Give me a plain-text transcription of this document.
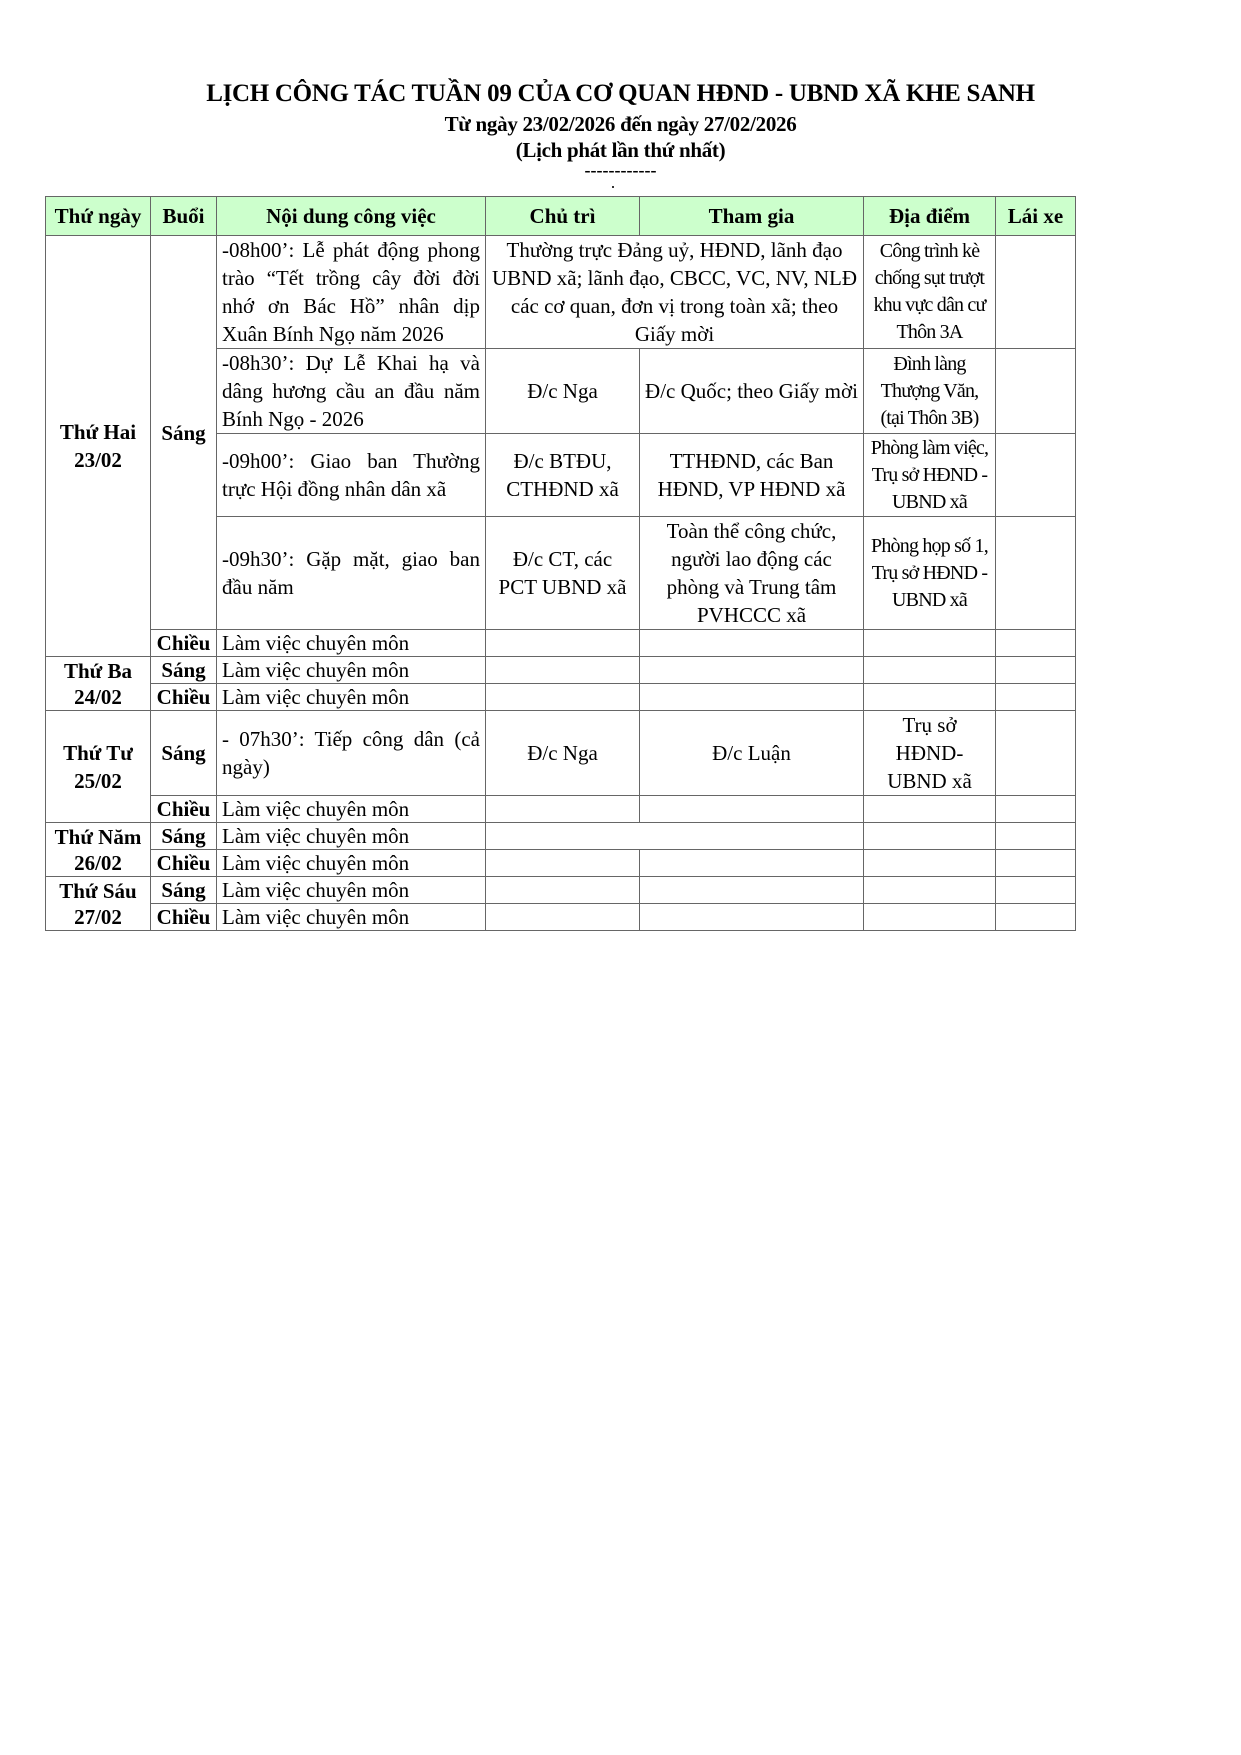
LỊCH CÔNG TÁC TUẦN 09 CỦA CƠ QUAN HĐND - UBND XÃ KHE SANH
Từ ngày 23/02/2026 đến ngày 27/02/2026
(Lịch phát lần thứ nhất)
------------
Thứ ngày	Buổi	Nội dung công việc	Chủ trì	Tham gia	Địa điểm	Lái xe

Thứ Hai
23/02	Sáng	-08h00’: Lễ phát động phong trào “Tết trồng cây đời đời nhớ ơn Bác Hồ” nhân dịp Xuân Bính Ngọ năm 2026	Thường trực Đảng uỷ, HĐND, lãnh đạo UBND xã; lãnh đạo, CBCC, VC, NV, NLĐ các cơ quan, đơn vị trong toàn xã; theo Giấy mời		Công trình kè chống sụt trượt khu vực dân cư Thôn 3A	
		-08h30’: Dự Lễ Khai hạ và dâng hương cầu an đầu năm Bính Ngọ - 2026	Đ/c Nga	Đ/c Quốc; theo Giấy mời	Đình làng Thượng Văn, (tại Thôn 3B)	
		-09h00’: Giao ban Thường trực Hội đồng nhân dân xã	Đ/c BTĐU, CTHĐND xã	TTHĐND, các Ban HĐND, VP HĐND xã	Phòng làm việc, Trụ sở HĐND - UBND xã	
		-09h30’: Gặp mặt, giao ban đầu năm	Đ/c CT, các PCT UBND xã	Toàn thể công chức, người lao động các phòng và Trung tâm PVHCCC xã	Phòng họp số 1, Trụ sở HĐND - UBND xã	
	Chiều	Làm việc chuyên môn				

Thứ Ba
24/02	Sáng	Làm việc chuyên môn				
	Chiều	Làm việc chuyên môn				

Thứ Tư
25/02	Sáng	- 07h30’: Tiếp công dân (cả ngày)	Đ/c Nga	Đ/c Luận	Trụ sở HĐND- UBND xã	
	Chiều	Làm việc chuyên môn				

Thứ Năm
26/02	Sáng	Làm việc chuyên môn				
	Chiều	Làm việc chuyên môn				

Thứ Sáu
27/02	Sáng	Làm việc chuyên môn				
	Chiều	Làm việc chuyên môn				
